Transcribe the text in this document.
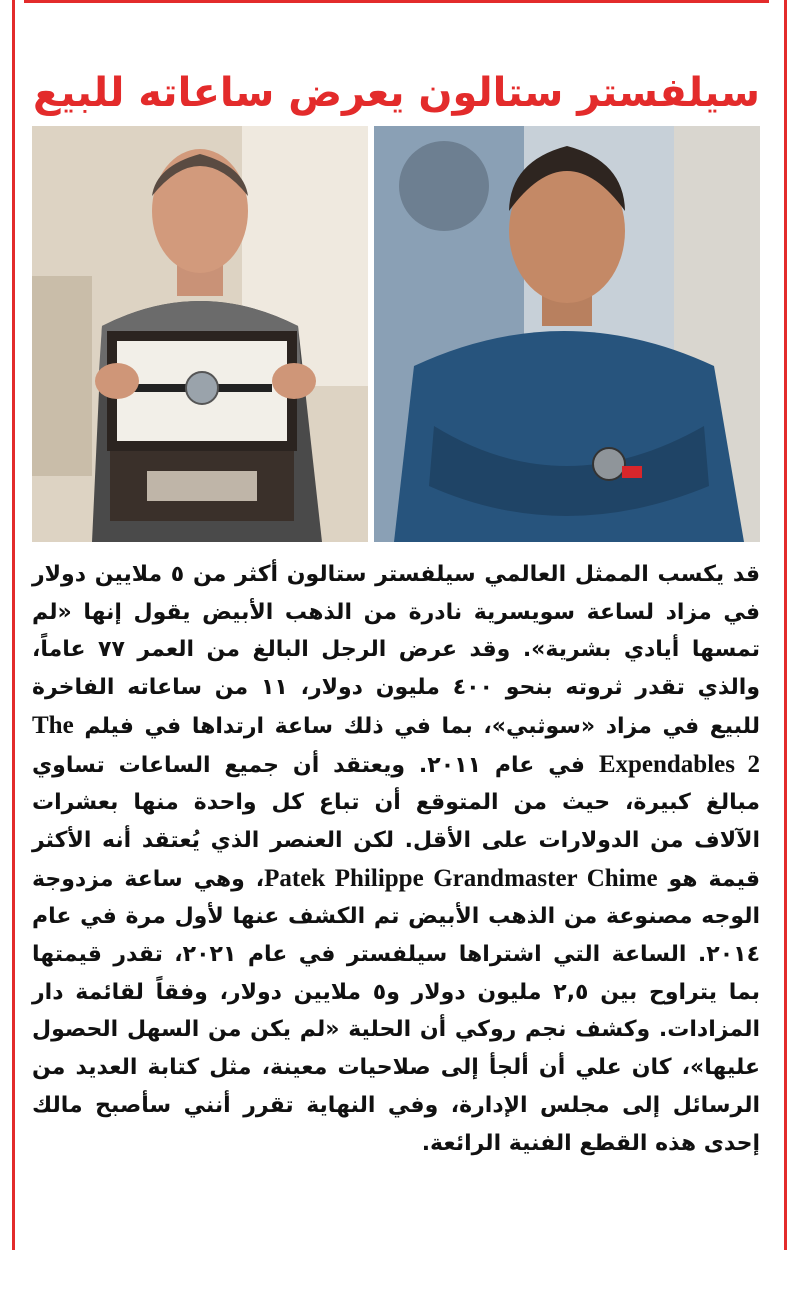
سيلفستر ستالون يعرض ساعاته للبيع

قد يكسب الممثل العالمي سيلفستر ستالون أكثر من ٥ ملايين دولار في مزاد لساعة سويسرية نادرة من الذهب الأبيض يقول إنها «لم تمسها أيادي بشرية». وقد عرض الرجل البالغ من العمر ٧٧ عاماً، والذي تقدر ثروته بنحو ٤٠٠ مليون دولار، ١١ من ساعاته الفاخرة للبيع في مزاد «سوثبي»، بما في ذلك ساعة ارتداها في فيلم The Expendables 2 في عام ٢٠١١. ويعتقد أن جميع الساعات تساوي مبالغ كبيرة، حيث من المتوقع أن تباع كل واحدة منها بعشرات الآلاف من الدولارات على الأقل. لكن العنصر الذي يُعتقد أنه الأكثر قيمة هو Patek Philippe Grandmaster Chime، وهي ساعة مزدوجة الوجه مصنوعة من الذهب الأبيض تم الكشف عنها لأول مرة في عام ٢٠١٤. الساعة التي اشتراها سيلفستر في عام ٢٠٢١، تقدر قيمتها بما يتراوح بين ٢,٥ مليون دولار و٥ ملايين دولار، وفقاً لقائمة دار المزادات. وكشف نجم روكي أن الحلية «لم يكن من السهل الحصول عليها»، كان علي أن ألجأ إلى صلاحيات معينة، مثل كتابة العديد من الرسائل إلى مجلس الإدارة، وفي النهاية تقرر أنني سأصبح مالك إحدى هذه القطع الفنية الرائعة.
